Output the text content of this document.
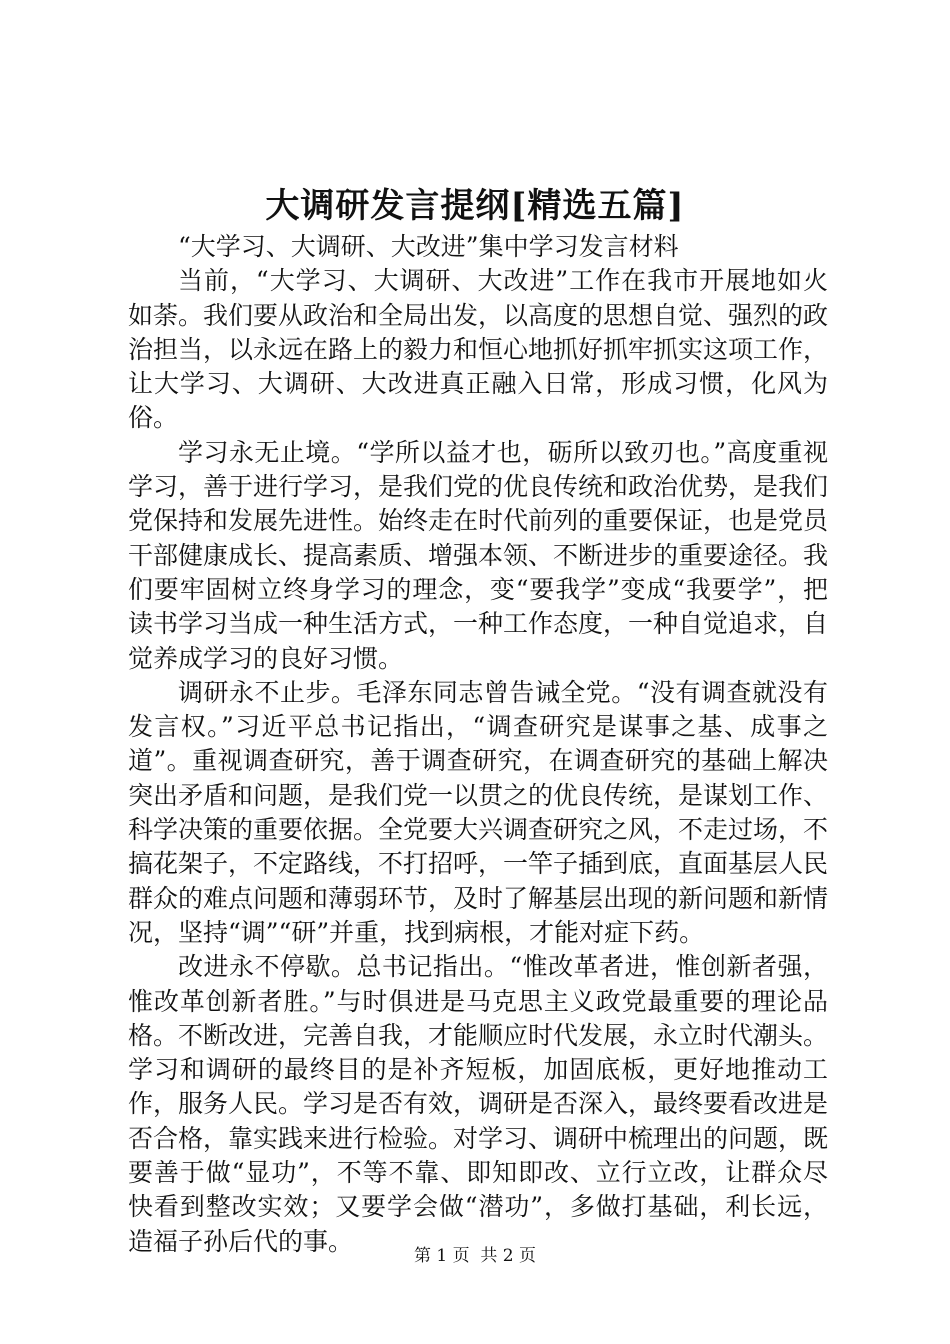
大调研发言提纲[精选五篇]

“大学习、大调研、大改进”集中学习发言材料

当前，“大学习、大调研、大改进”工作在我市开展地如火如荼。我们要从政治和全局出发，以高度的思想自觉、强烈的政治担当，以永远在路上的毅力和恒心地抓好抓牢抓实这项工作，让大学习、大调研、大改进真正融入日常，形成习惯，化风为俗。

学习永无止境。“学所以益才也，砺所以致刃也。”高度重视学习，善于进行学习，是我们党的优良传统和政治优势，是我们党保持和发展先进性。始终走在时代前列的重要保证，也是党员干部健康成长、提高素质、增强本领、不断进步的重要途径。我们要牢固树立终身学习的理念，变“要我学”变成“我要学”，把读书学习当成一种生活方式，一种工作态度，一种自觉追求，自觉养成学习的良好习惯。

调研永不止步。毛泽东同志曾告诫全党。“没有调查就没有发言权。”习近平总书记指出，“调查研究是谋事之基、成事之道”。重视调查研究，善于调查研究，在调查研究的基础上解决突出矛盾和问题，是我们党一以贯之的优良传统，是谋划工作、科学决策的重要依据。全党要大兴调查研究之风，不走过场，不搞花架子，不定路线，不打招呼，一竿子插到底，直面基层人民群众的难点问题和薄弱环节，及时了解基层出现的新问题和新情况，坚持“调”“研”并重，找到病根，才能对症下药。

改进永不停歇。总书记指出。“惟改革者进，惟创新者强，惟改革创新者胜。”与时俱进是马克思主义政党最重要的理论品格。不断改进，完善自我，才能顺应时代发展，永立时代潮头。学习和调研的最终目的是补齐短板，加固底板，更好地推动工作，服务人民。学习是否有效，调研是否深入，最终要看改进是否合格，靠实践来进行检验。对学习、调研中梳理出的问题，既要善于做“显功”，不等不靠、即知即改、立行立改，让群众尽快看到整改实效；又要学会做“潜功”，多做打基础，利长远，造福子孙后代的事。

第 1 页  共 2 页
